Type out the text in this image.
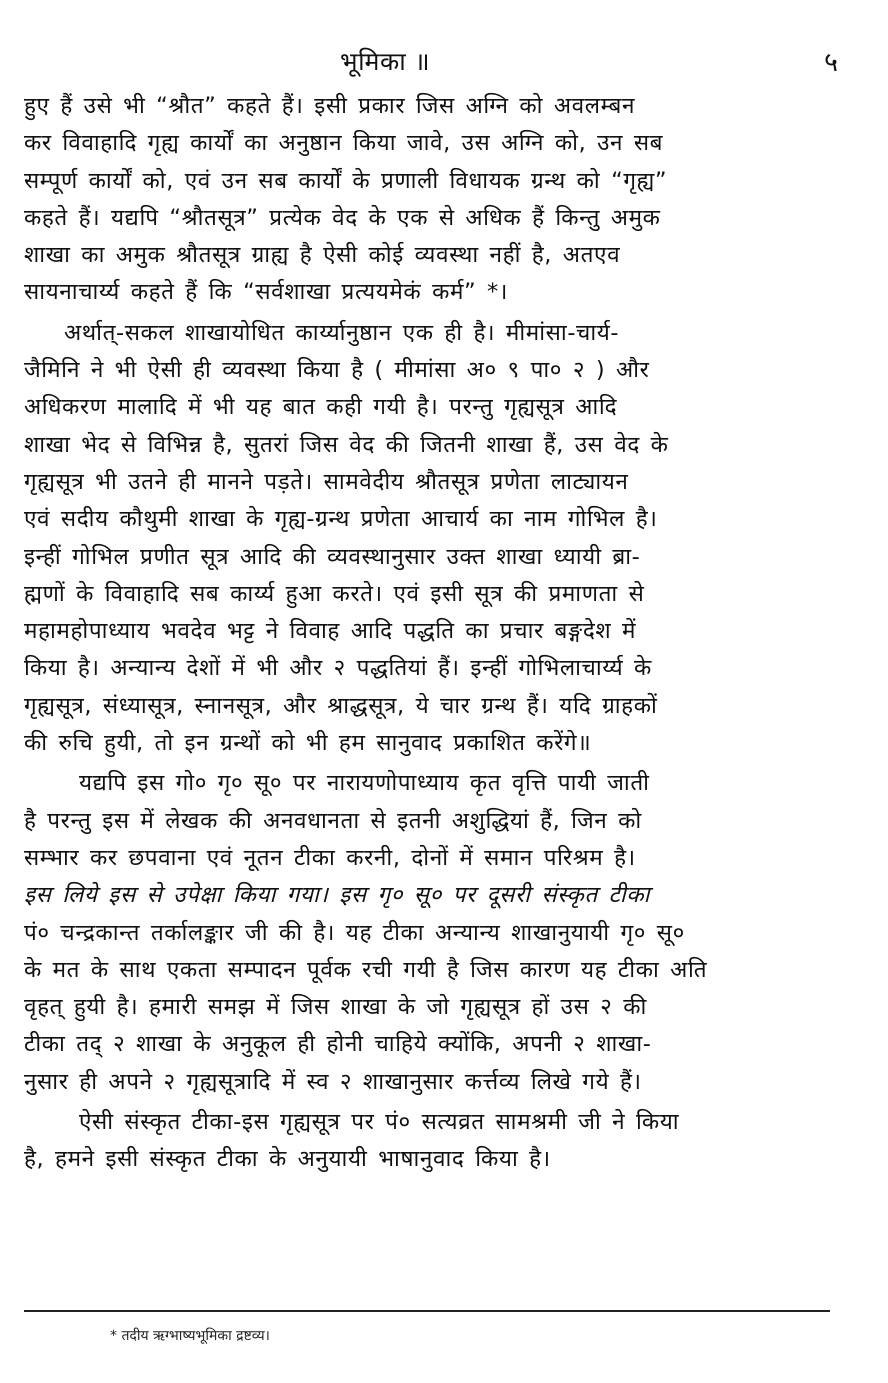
भूमिका ॥	५
हुए हैं उसे भी “श्रौत” कहते हैं। इसी प्रकार जिस अग्नि को अवलम्बन
कर विवाहादि गृह्य कार्यों का अनुष्ठान किया जावे, उस अग्नि को, उन सब
सम्पूर्ण कार्यों को, एवं उन सब कार्यों के प्रणाली विधायक ग्रन्थ को “गृह्य”
कहते हैं। यद्यपि “श्रौतसूत्र” प्रत्येक वेद के एक से अधिक हैं किन्तु अमुक
शाखा का अमुक श्रौतसूत्र ग्राह्य है ऐसी कोई व्यवस्था नहीं है, अतएव
सायनाचार्य्य कहते हैं कि “सर्वशाखा प्रत्ययमेकं कर्म” *।
अर्थात्-सकल शाखायोधित कार्य्यानुष्ठान एक ही है। मीमांसा-चार्य-
जैमिनि ने भी ऐसी ही व्यवस्था किया है ( मीमांसा अ० ९ पा० २ ) और
अधिकरण मालादि में भी यह बात कही गयी है। परन्तु गृह्यसूत्र आदि
शाखा भेद से विभिन्न है, सुतरां जिस वेद की जितनी शाखा हैं, उस वेद के
गृह्यसूत्र भी उतने ही मानने पड़ते। सामवेदीय श्रौतसूत्र प्रणेता लाट्यायन
एवं सदीय कौथुमी शाखा के गृह्य-ग्रन्थ प्रणेता आचार्य का नाम गोभिल है।
इन्हीं गोभिल प्रणीत सूत्र आदि की व्यवस्थानुसार उक्त शाखा ध्यायी ब्रा-
ह्मणों के विवाहादि सब कार्य्य हुआ करते। एवं इसी सूत्र की प्रमाणता से
महामहोपाध्याय भवदेव भट्ट ने विवाह आदि पद्धति का प्रचार बङ्गदेश में
किया है। अन्यान्य देशों में भी और २ पद्धतियां हैं। इन्हीं गोभिलाचार्य्य के
गृह्यसूत्र, संध्यासूत्र, स्नानसूत्र, और श्राद्धसूत्र, ये चार ग्रन्थ हैं। यदि ग्राहकों
की रुचि हुयी, तो इन ग्रन्थों को भी हम सानुवाद प्रकाशित करेंगे॥
यद्यपि इस गो० गृ० सू० पर नारायणोपाध्याय कृत वृत्ति पायी जाती
है परन्तु इस में लेखक की अनवधानता से इतनी अशुद्धियां हैं, जिन को
सम्भार कर छपवाना एवं नूतन टीका करनी, दोनों में समान परिश्रम है।
इस लिये इस से उपेक्षा किया गया। इस गृ० सू० पर दूसरी संस्कृत टीका
पं० चन्द्रकान्त तर्कालङ्कार जी की है। यह टीका अन्यान्य शाखानुयायी गृ० सू०
के मत के साथ एकता सम्पादन पूर्वक रची गयी है जिस कारण यह टीका अति
वृहत् हुयी है। हमारी समझ में जिस शाखा के जो गृह्यसूत्र हों उस २ की
टीका तद् २ शाखा के अनुकूल ही होनी चाहिये क्योंकि, अपनी २ शाखा-
नुसार ही अपने २ गृह्यसूत्रादि में स्व २ शाखानुसार कर्त्तव्य लिखे गये हैं।
ऐसी संस्कृत टीका-इस गृह्यसूत्र पर पं० सत्यव्रत सामश्रमी जी ने किया
है, हमने इसी संस्कृत टीका के अनुयायी भाषानुवाद किया है।
* तदीय ऋग्भाष्यभूमिका द्रष्टव्य।
